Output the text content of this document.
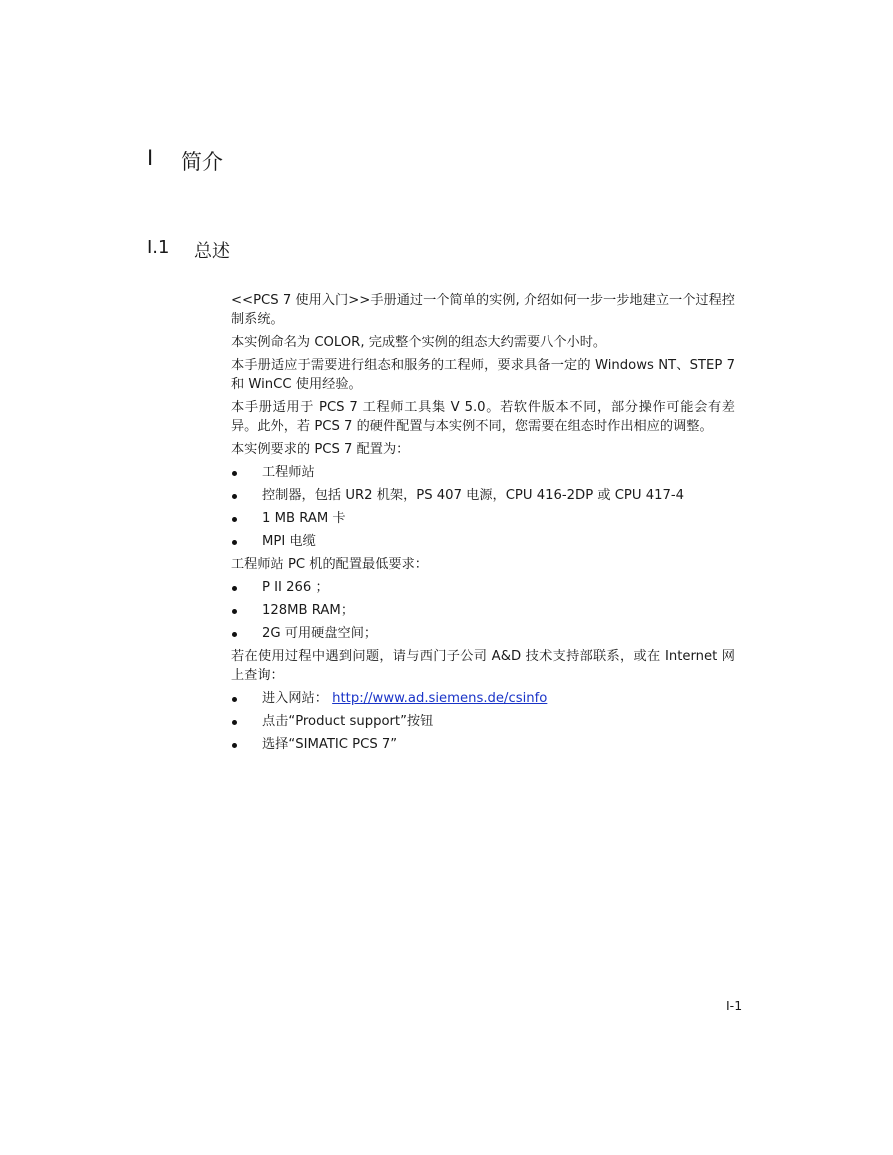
I	简介
I.1	总述

<<PCS 7 使用入门>>手册通过一个简单的实例, 介绍如何一步一步地建立一个过程控制系统。

本实例命名为 COLOR, 完成整个实例的组态大约需要八个小时。

本手册适应于需要进行组态和服务的工程师，要求具备一定的 Windows NT、STEP 7 和 WinCC 使用经验。

本手册适用于 PCS 7 工程师工具集 V 5.0。若软件版本不同，部分操作可能会有差异。此外，若 PCS 7 的硬件配置与本实例不同，您需要在组态时作出相应的调整。

本实例要求的 PCS 7 配置为：

工程师站
控制器，包括 UR2 机架，PS 407 电源，CPU 416-2DP 或 CPU 417-4
1 MB RAM 卡
MPI 电缆

工程师站 PC 机的配置最低要求：

P II 266 ；
128MB RAM；
2G 可用硬盘空间；

若在使用过程中遇到问题，请与西门子公司 A&D 技术支持部联系，或在 Internet 网上查询：

进入网站： http://www.ad.siemens.de/csinfo
点击“Product support”按钮
选择“SIMATIC PCS 7”
I-1
